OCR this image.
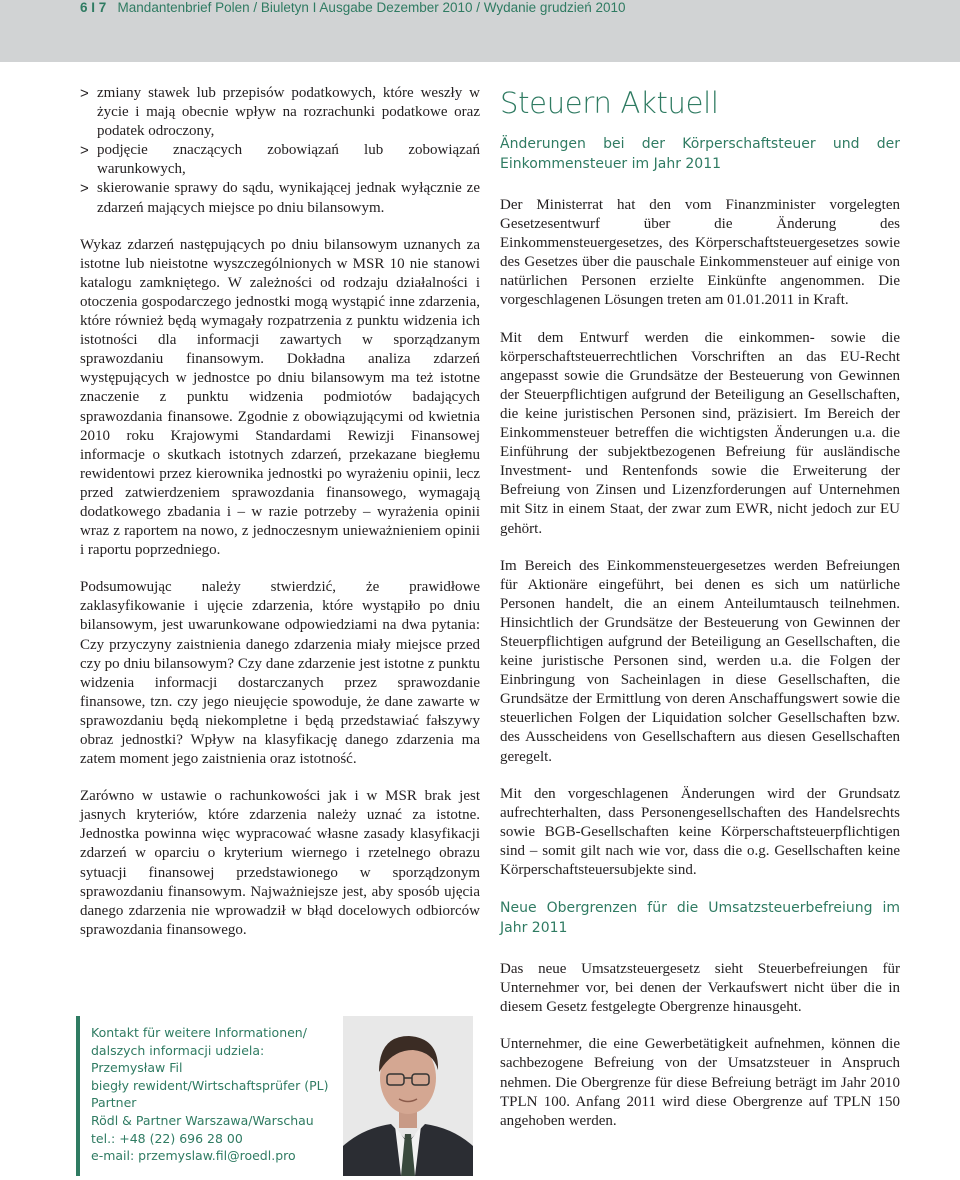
6 I 7 Mandantenbrief Polen / Biuletyn I Ausgabe Dezember 2010 / Wydanie grudzień 2010
> zmiany stawek lub przepisów podatkowych, które weszły w życie i mają obecnie wpływ na rozrachunki podatkowe oraz podatek odroczony,
> podjęcie znaczących zobowiązań lub zobowiązań warunkowych,
> skierowanie sprawy do sądu, wynikającej jednak wyłącznie ze zdarzeń mających miejsce po dniu bilansowym.

Wykaz zdarzeń następujących po dniu bilansowym uznanych za istotne lub nieistotne wyszczególnionych w MSR 10 nie stanowi katalogu zamkniętego. W zależności od rodzaju działalności i otoczenia gospodarczego jednostki mogą wystąpić inne zdarzenia, które również będą wymagały rozpatrzenia z punktu widzenia ich istotności dla informacji zawartych w sporządzanym sprawozdaniu finansowym. Dokładna analiza zdarzeń występujących w jednostce po dniu bilansowym ma też istotne znaczenie z punktu widzenia podmiotów badających sprawozdania finansowe. Zgodnie z obowiązującymi od kwietnia 2010 roku Krajowymi Standardami Rewizji Finansowej informacje o skutkach istotnych zdarzeń, przekazane biegłemu rewidentowi przez kierownika jednostki po wyrażeniu opinii, lecz przed zatwierdzeniem sprawozdania finansowego, wymagają dodatkowego zbadania i – w razie potrzeby – wyrażenia opinii wraz z raportem na nowo, z jednoczesnym unieważnieniem opinii i raportu poprzedniego.

Podsumowując należy stwierdzić, że prawidłowe zaklasyfikowanie i ujęcie zdarzenia, które wystąpiło po dniu bilansowym, jest uwarunkowane odpowiedziami na dwa pytania: Czy przyczyny zaistnienia danego zdarzenia miały miejsce przed czy po dniu bilansowym? Czy dane zdarzenie jest istotne z punktu widzenia informacji dostarczanych przez sprawozdanie finansowe, tzn. czy jego nieujęcie spowoduje, że dane zawarte w sprawozdaniu będą niekompletne i będą przedstawiać fałszywy obraz jednostki? Wpływ na klasyfikację danego zdarzenia ma zatem moment jego zaistnienia oraz istotność.

Zarówno w ustawie o rachunkowości jak i w MSR brak jest jasnych kryteriów, które zdarzenia należy uznać za istotne. Jednostka powinna więc wypracować własne zasady klasyfikacji zdarzeń w oparciu o kryterium wiernego i rzetelnego obrazu sytuacji finansowej przedstawionego w sporządzonym sprawozdaniu finansowym. Najważniejsze jest, aby sposób ujęcia danego zdarzenia nie wprowadził w błąd docelowych odbiorców sprawozdania finansowego.

Kontakt für weitere Informationen/
dalszych informacji udziela:
Przemysław Fil
biegły rewident/Wirtschaftsprüfer (PL)
Partner
Rödl & Partner Warszawa/Warschau
tel.: +48 (22) 696 28 00
e-mail: przemyslaw.fil@roedl.pro
Steuern Aktuell
Änderungen bei der Körperschaftsteuer und der Einkommensteuer im Jahr 2011

Der Ministerrat hat den vom Finanzminister vorgelegten Gesetzesentwurf über die Änderung des Einkommensteuergesetzes, des Körperschaftsteuergesetzes sowie des Gesetzes über die pauschale Einkommensteuer auf einige von natürlichen Personen erzielte Einkünfte angenommen. Die vorgeschlagenen Lösungen treten am 01.01.2011 in Kraft.

Mit dem Entwurf werden die einkommen- sowie die körperschaftsteuerrechtlichen Vorschriften an das EU-Recht angepasst sowie die Grundsätze der Besteuerung von Gewinnen der Steuerpflichtigen aufgrund der Beteiligung an Gesellschaften, die keine juristischen Personen sind, präzisiert. Im Bereich der Einkommensteuer betreffen die wichtigsten Änderungen u.a. die Einführung der subjektbezogenen Befreiung für ausländische Investment- und Rentenfonds sowie die Erweiterung der Befreiung von Zinsen und Lizenzforderungen auf Unternehmen mit Sitz in einem Staat, der zwar zum EWR, nicht jedoch zur EU gehört.

Im Bereich des Einkommensteuergesetzes werden Befreiungen für Aktionäre eingeführt, bei denen es sich um natürliche Personen handelt, die an einem Anteilumtausch teilnehmen. Hinsichtlich der Grundsätze der Besteuerung von Gewinnen der Steuerpflichtigen aufgrund der Beteiligung an Gesellschaften, die keine juristische Personen sind, werden u.a. die Folgen der Einbringung von Sacheinlagen in diese Gesellschaften, die Grundsätze der Ermittlung von deren Anschaffungswert sowie die steuerlichen Folgen der Liquidation solcher Gesellschaften bzw. des Ausscheidens von Gesellschaftern aus diesen Gesellschaften geregelt.

Mit den vorgeschlagenen Änderungen wird der Grundsatz aufrechterhalten, dass Personengesellschaften des Handelsrechts sowie BGB-Gesellschaften keine Körperschaftsteuerpflichtigen sind – somit gilt nach wie vor, dass die o.g. Gesellschaften keine Körperschaftsteuersubjekte sind.

Neue Obergrenzen für die Umsatzsteuerbefreiung im Jahr 2011

Das neue Umsatzsteuergesetz sieht Steuerbefreiungen für Unternehmer vor, bei denen der Verkaufswert nicht über die in diesem Gesetz festgelegte Obergrenze hinausgeht.

Unternehmer, die eine Gewerbetätigkeit aufnehmen, können die sachbezogene Befreiung von der Umsatzsteuer in Anspruch nehmen. Die Obergrenze für diese Befreiung beträgt im Jahr 2010 TPLN 100. Anfang 2011 wird diese Obergrenze auf TPLN 150 angehoben werden.
